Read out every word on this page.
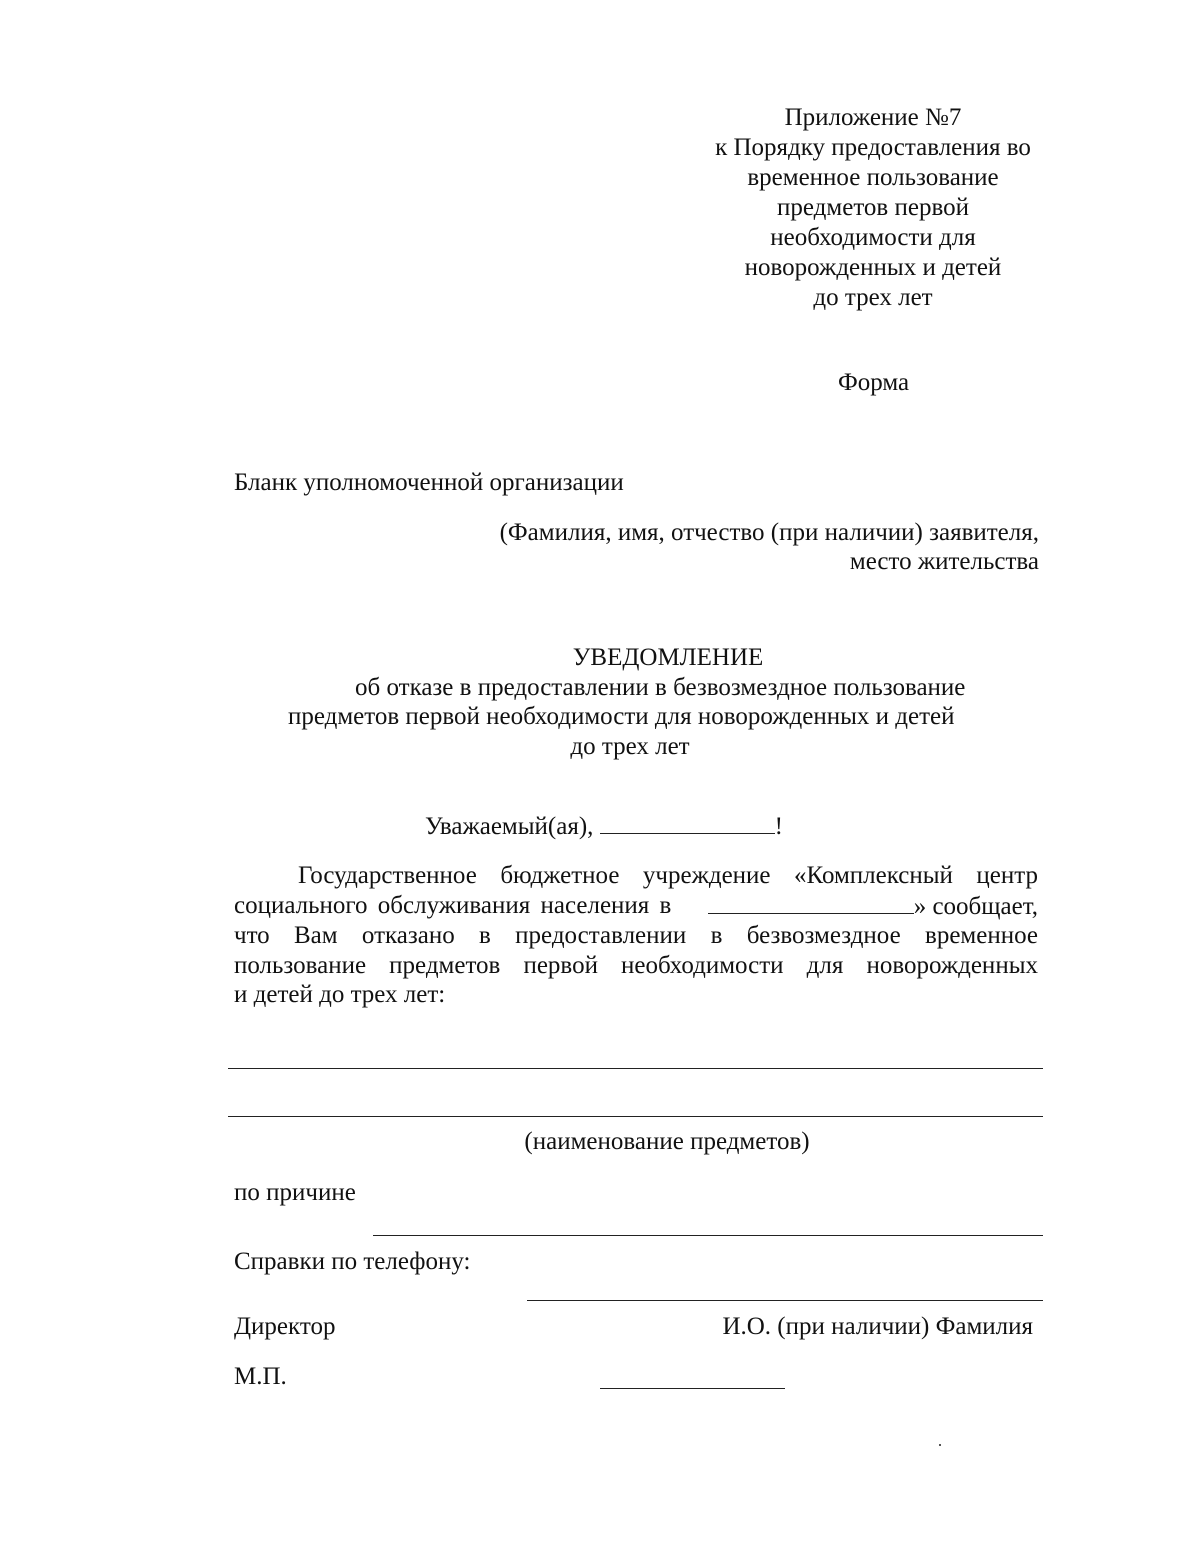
Приложение №7
к Порядку предоставления во
временное пользование
предметов первой
необходимости для
новорожденных и детей
до трех лет
Форма
Бланк уполномоченной организации
(Фамилия, имя, отчество (при наличии) заявителя,
место жительства
УВЕДОМЛЕНИЕ
об отказе в предоставлении в безвозмездное пользование
предметов первой необходимости для новорожденных и детей
до трех лет
Уважаемый(ая),	!
Государственное бюджетное учреждение «Комплексный центр
социального обслуживания населения в	» сообщает,
что Вам отказано в предоставлении в безвозмездное временное
пользование предметов первой необходимости для новорожденных
и детей до трех лет:
(наименование предметов)
по причине
Справки по телефону:
Директор	И.О. (при наличии) Фамилия
М.П.
